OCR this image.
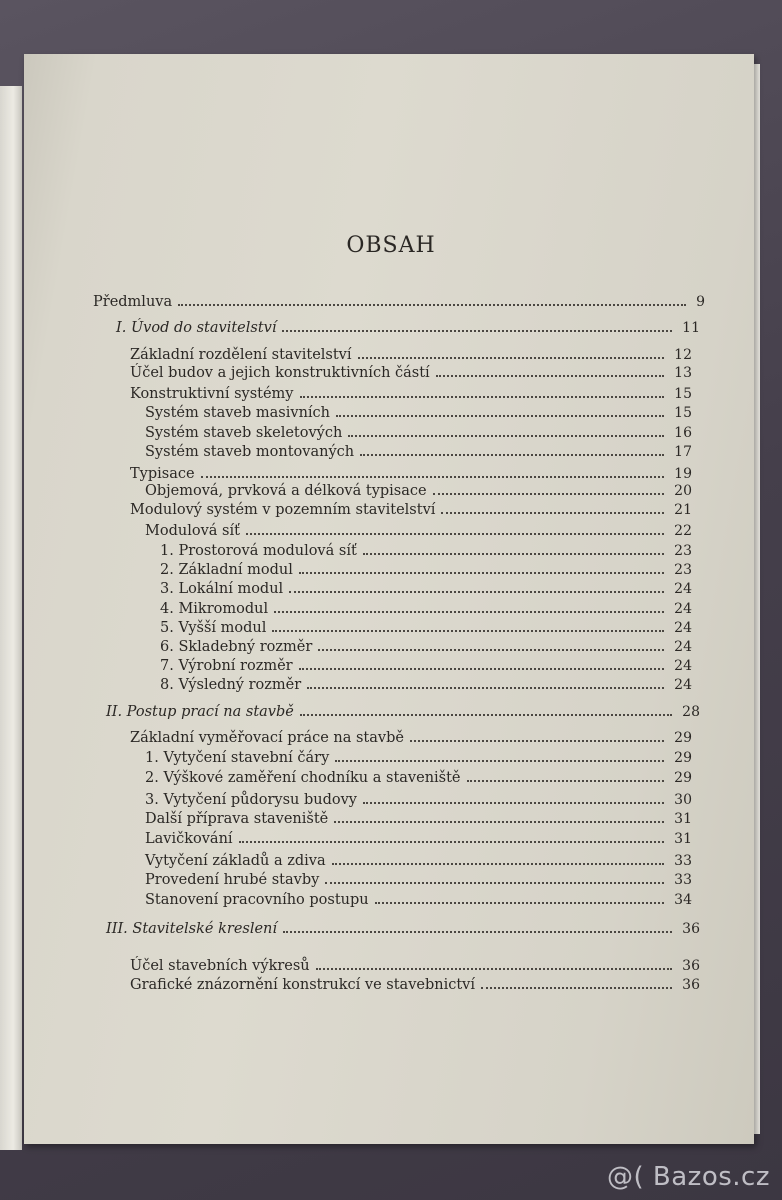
OBSAH
Předmluva	9
I. Úvod do stavitelství	11
Základní rozdělení stavitelství	12
Účel budov a jejich konstruktivních částí	13
Konstruktivní systémy	15
Systém staveb masivních	15
Systém staveb skeletových	16
Systém staveb montovaných	17
Typisace	19
Objemová, prvková a délková typisace	20
Modulový systém v pozemním stavitelství	21
Modulová síť	22
1. Prostorová modulová síť	23
2. Základní modul	23
3. Lokální modul	24
4. Mikromodul	24
5. Vyšší modul	24
6. Skladebný rozměr	24
7. Výrobní rozměr	24
8. Výsledný rozměr	24
II. Postup prací na stavbě	28
Základní vyměřovací práce na stavbě	29
1. Vytyčení stavební čáry	29
2. Výškové zaměření chodníku a staveniště	29
3. Vytyčení půdorysu budovy	30
Další příprava staveniště	31
Lavičkování	31
Vytyčení základů a zdiva	33
Provedení hrubé stavby	33
Stanovení pracovního postupu	34
III. Stavitelské kreslení	36
Účel stavebních výkresů	36
Grafické znázornění konstrukcí ve stavebnictví	36
@( Bazos.cz
